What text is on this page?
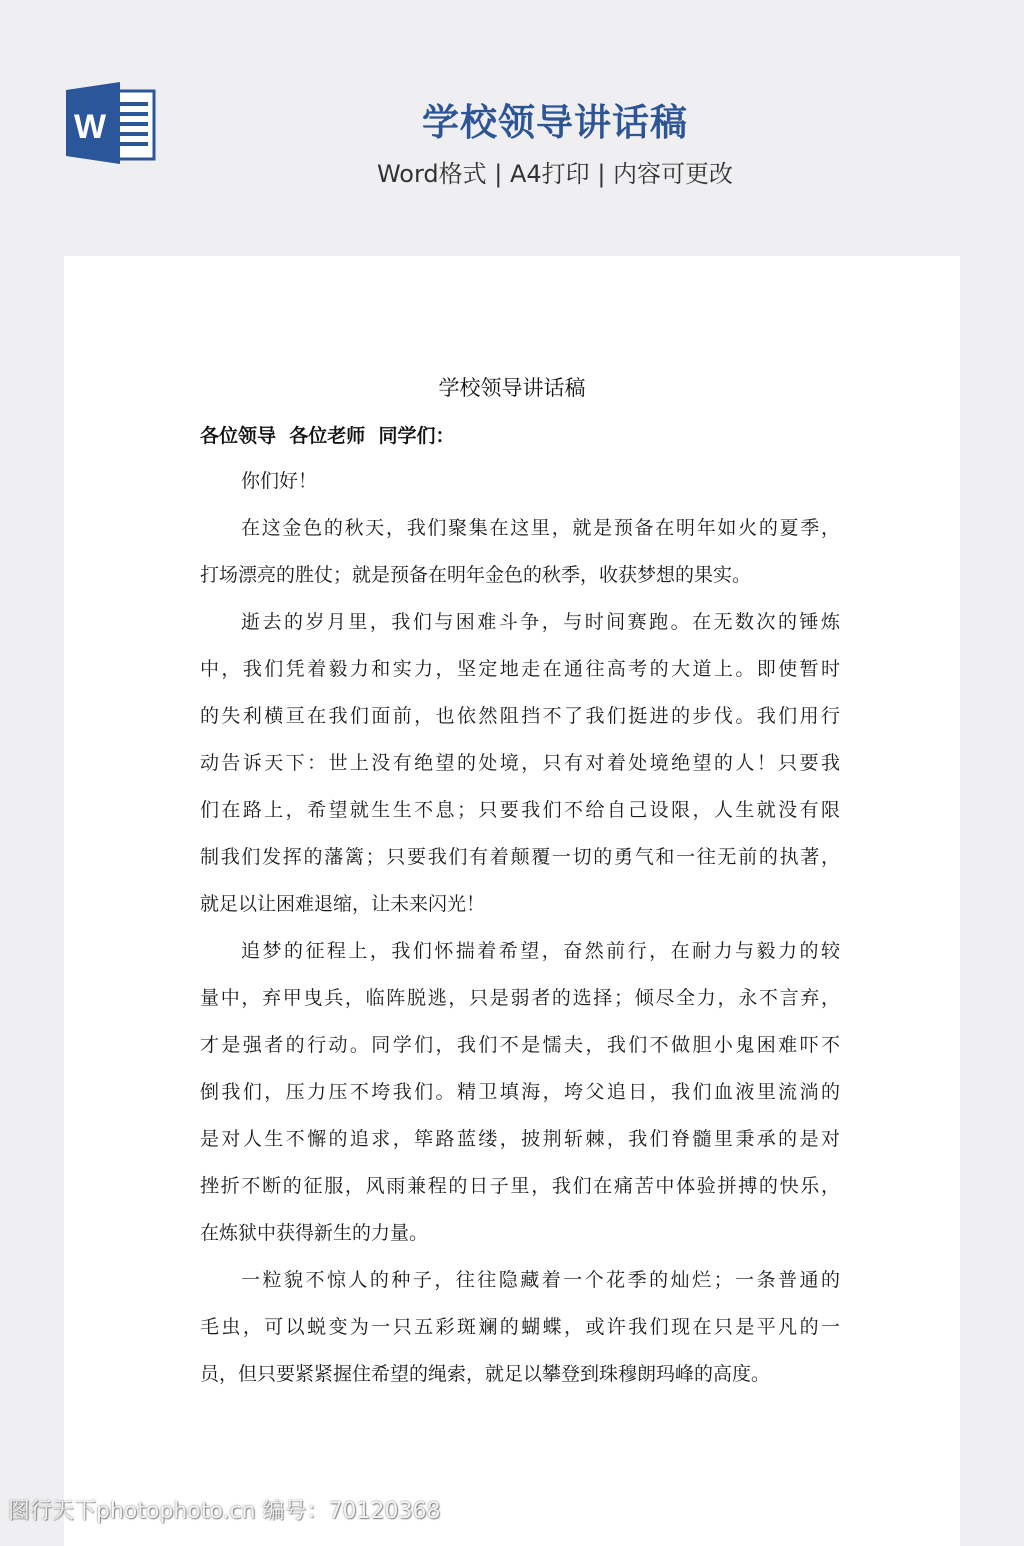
W	学校领导讲话稿
Word格式 | A4打印 | 内容可更改
学校领导讲话稿
各位领导  各位老师  同学们：
你们好！
在这金色的秋天，我们聚集在这里，就是预备在明年如火的夏季，
打场漂亮的胜仗；就是预备在明年金色的秋季，收获梦想的果实。
逝去的岁月里，我们与困难斗争，与时间赛跑。在无数次的锤炼
中，我们凭着毅力和实力，坚定地走在通往高考的大道上。即使暂时
的失利横亘在我们面前，也依然阻挡不了我们挺进的步伐。我们用行
动告诉天下：世上没有绝望的处境，只有对着处境绝望的人！只要我
们在路上，希望就生生不息；只要我们不给自己设限，人生就没有限
制我们发挥的藩篱；只要我们有着颠覆一切的勇气和一往无前的执著，
就足以让困难退缩，让未来闪光！
追梦的征程上，我们怀揣着希望，奋然前行，在耐力与毅力的较
量中，弃甲曳兵，临阵脱逃，只是弱者的选择；倾尽全力，永不言弃，
才是强者的行动。同学们，我们不是懦夫，我们不做胆小鬼困难吓不
倒我们，压力压不垮我们。精卫填海，垮父追日，我们血液里流淌的
是对人生不懈的追求，筚路蓝缕，披荆斩棘，我们脊髓里秉承的是对
挫折不断的征服，风雨兼程的日子里，我们在痛苦中体验拼搏的快乐，
在炼狱中获得新生的力量。
一粒貌不惊人的种子，往往隐藏着一个花季的灿烂；一条普通的
毛虫，可以蜕变为一只五彩斑斓的蝴蝶，或许我们现在只是平凡的一
员，但只要紧紧握住希望的绳索，就足以攀登到珠穆朗玛峰的高度。
图行天下photophoto.cn 编号：70120368
